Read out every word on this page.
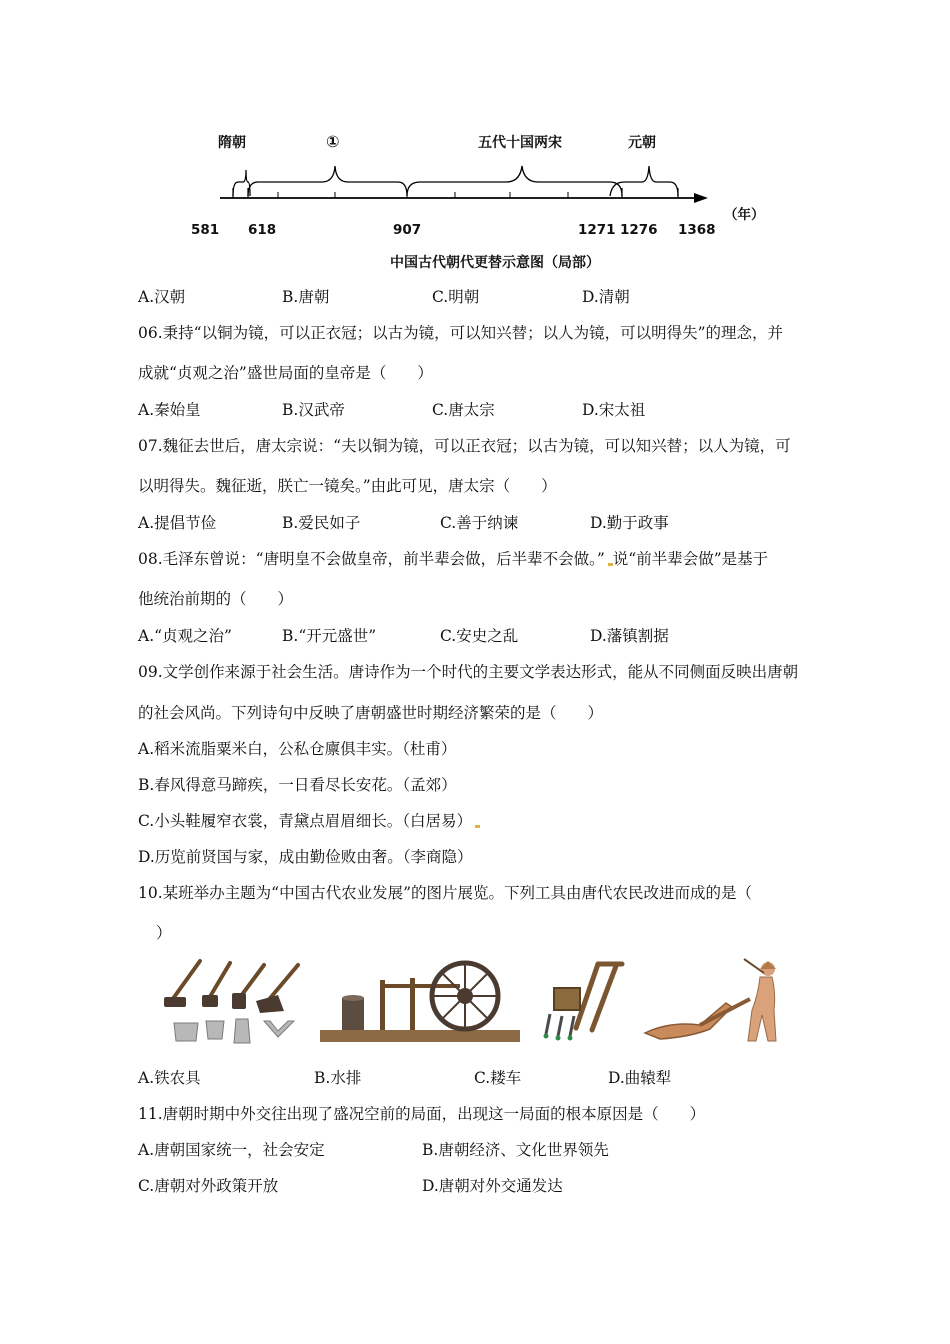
隋朝	①	五代十国两宋	元朝
581 618	907	1271 1276 1368
（年）
中国古代朝代更替示意图（局部）
A.汉朝	B.唐朝	C.明朝	D.清朝
06.秉持“以铜为镜，可以正衣冠；以古为镜，可以知兴替；以人为镜，可以明得失”的理念，并
成就“贞观之治”盛世局面的皇帝是（　　）
A.秦始皇	B.汉武帝	C.唐太宗	D.宋太祖
07.魏征去世后，唐太宗说：“夫以铜为镜，可以正衣冠；以古为镜，可以知兴替；以人为镜，可
以明得失。魏征逝，朕亡一镜矣。”由此可见，唐太宗（　　）
A.提倡节俭	B.爱民如子	C.善于纳谏	D.勤于政事
08.毛泽东曾说：“唐明皇不会做皇帝，前半辈会做，后半辈不会做。” 说“前半辈会做”是基于
他统治前期的（　　）
A.“贞观之治”	B.“开元盛世”	C.安史之乱	D.藩镇割据
09.文学创作来源于社会生活。唐诗作为一个时代的主要文学表达形式，能从不同侧面反映出唐朝
的社会风尚。下列诗句中反映了唐朝盛世时期经济繁荣的是（　　）
A.稻米流脂粟米白，公私仓廪俱丰实。（杜甫）
B.春风得意马蹄疾，一日看尽长安花。（孟郊）
C.小头鞋履窄衣裳，青黛点眉眉细长。（白居易）
D.历览前贤国与家，成由勤俭败由奢。（李商隐）
10.某班举办主题为“中国古代农业发展”的图片展览。下列工具由唐代农民改进而成的是（
）
A.铁农具	B.水排	C.耧车	D.曲辕犁
11.唐朝时期中外交往出现了盛况空前的局面，出现这一局面的根本原因是（　　）
A.唐朝国家统一，社会安定	B.唐朝经济、文化世界领先
C.唐朝对外政策开放	D.唐朝对外交通发达
